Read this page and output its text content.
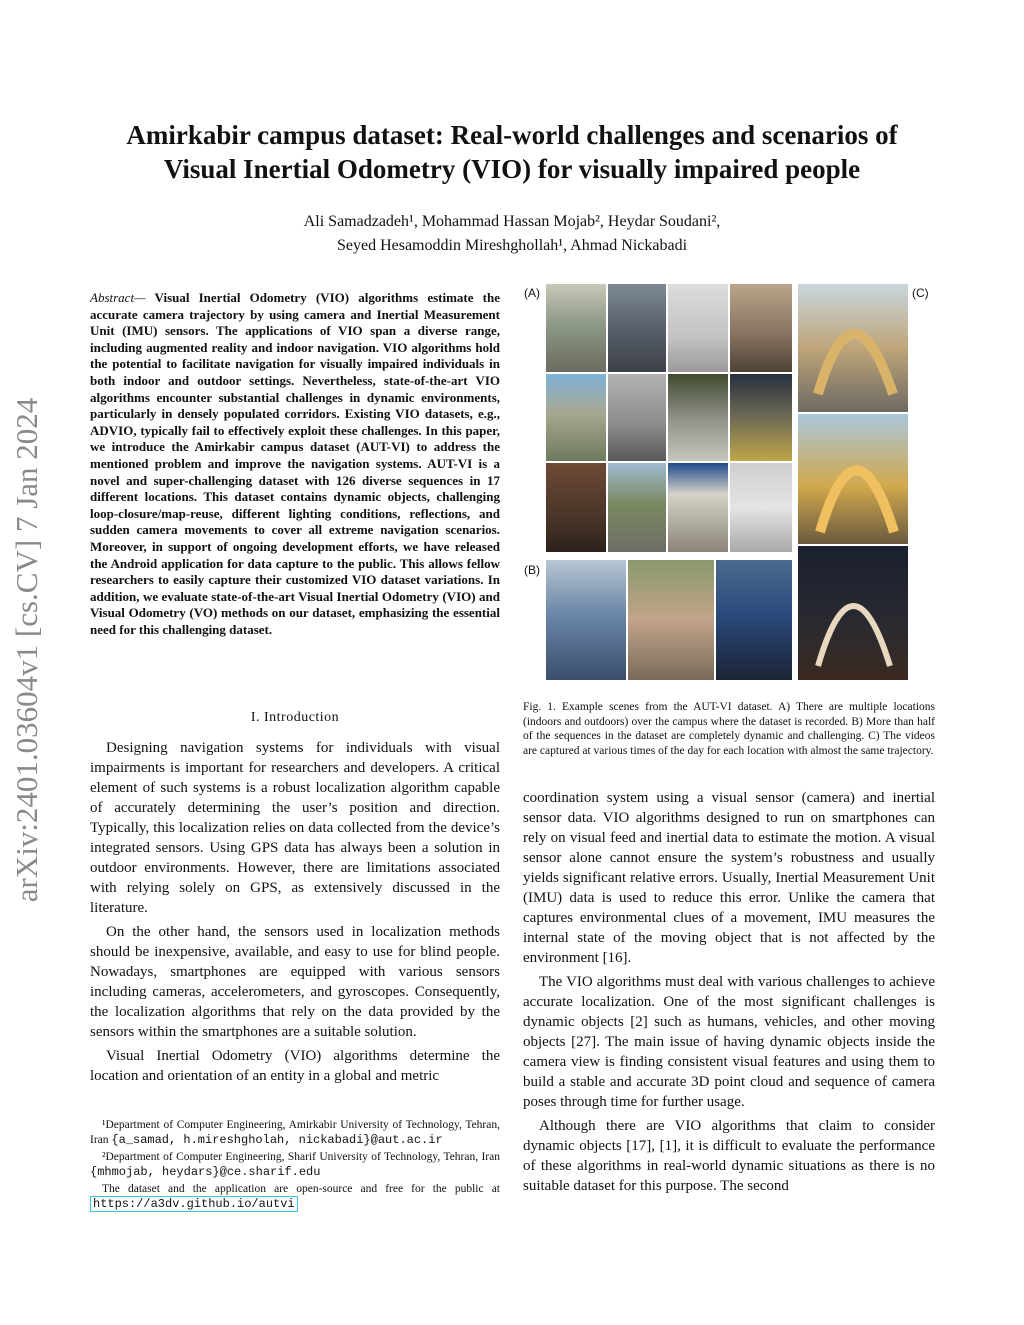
arXiv:2401.03604v1 [cs.CV] 7 Jan 2024
Amirkabir campus dataset: Real-world challenges and scenarios of
Visual Inertial Odometry (VIO) for visually impaired people
Ali Samadzadeh¹, Mohammad Hassan Mojab², Heydar Soudani²,
Seyed Hesamoddin Mireshghollah¹, Ahmad Nickabadi
Abstract— Visual Inertial Odometry (VIO) algorithms estimate the accurate camera trajectory by using camera and Inertial Measurement Unit (IMU) sensors. The applications of VIO span a diverse range, including augmented reality and indoor navigation. VIO algorithms hold the potential to facilitate navigation for visually impaired individuals in both indoor and outdoor settings. Nevertheless, state-of-the-art VIO algorithms encounter substantial challenges in dynamic environments, particularly in densely populated corridors. Existing VIO datasets, e.g., ADVIO, typically fail to effectively exploit these challenges. In this paper, we introduce the Amirkabir campus dataset (AUT-VI) to address the mentioned problem and improve the navigation systems. AUT-VI is a novel and super-challenging dataset with 126 diverse sequences in 17 different locations. This dataset contains dynamic objects, challenging loop-closure/map-reuse, different lighting conditions, reflections, and sudden camera movements to cover all extreme navigation scenarios. Moreover, in support of ongoing development efforts, we have released the Android application for data capture to the public. This allows fellow researchers to easily capture their customized VIO dataset variations. In addition, we evaluate state-of-the-art Visual Inertial Odometry (VIO) and Visual Odometry (VO) methods on our dataset, emphasizing the essential need for this challenging dataset.
I. Introduction

Designing navigation systems for individuals with visual impairments is important for researchers and developers. A critical element of such systems is a robust localization algorithm capable of accurately determining the user’s position and direction. Typically, this localization relies on data collected from the device’s integrated sensors. Using GPS data has always been a solution in outdoor environments. However, there are limitations associated with relying solely on GPS, as extensively discussed in the literature.

On the other hand, the sensors used in localization methods should be inexpensive, available, and easy to use for blind people. Nowadays, smartphones are equipped with various sensors including cameras, accelerometers, and gyroscopes. Consequently, the localization algorithms that rely on the data provided by the sensors within the smartphones are a suitable solution.

Visual Inertial Odometry (VIO) algorithms determine the location and orientation of an entity in a global and metric

¹Department of Computer Engineering, Amirkabir University of Technology, Tehran, Iran {a_samad, h.mireshgholah, nickabadi}@aut.ac.ir

²Department of Computer Engineering, Sharif University of Technology, Tehran, Iran {mhmojab, heydars}@ce.sharif.edu

The dataset and the application are open-source and free for the public at https://a3dv.github.io/autvi

(A)	(C)
(B)
Fig. 1. Example scenes from the AUT-VI dataset. A) There are multiple locations (indoors and outdoors) over the campus where the dataset is recorded. B) More than half of the sequences in the dataset are completely dynamic and challenging. C) The videos are captured at various times of the day for each location with almost the same trajectory.

coordination system using a visual sensor (camera) and inertial sensor data. VIO algorithms designed to run on smartphones can rely on visual feed and inertial data to estimate the motion. A visual sensor alone cannot ensure the system’s robustness and usually yields significant relative errors. Usually, Inertial Measurement Unit (IMU) data is used to reduce this error. Unlike the camera that captures environmental clues of a movement, IMU measures the internal state of the moving object that is not affected by the environment [16].

The VIO algorithms must deal with various challenges to achieve accurate localization. One of the most significant challenges is dynamic objects [2] such as humans, vehicles, and other moving objects [27]. The main issue of having dynamic objects inside the camera view is finding consistent visual features and using them to build a stable and accurate 3D point cloud and sequence of camera poses through time for further usage.

Although there are VIO algorithms that claim to consider dynamic objects [17], [1], it is difficult to evaluate the performance of these algorithms in real-world dynamic situations as there is no suitable dataset for this purpose. The second
